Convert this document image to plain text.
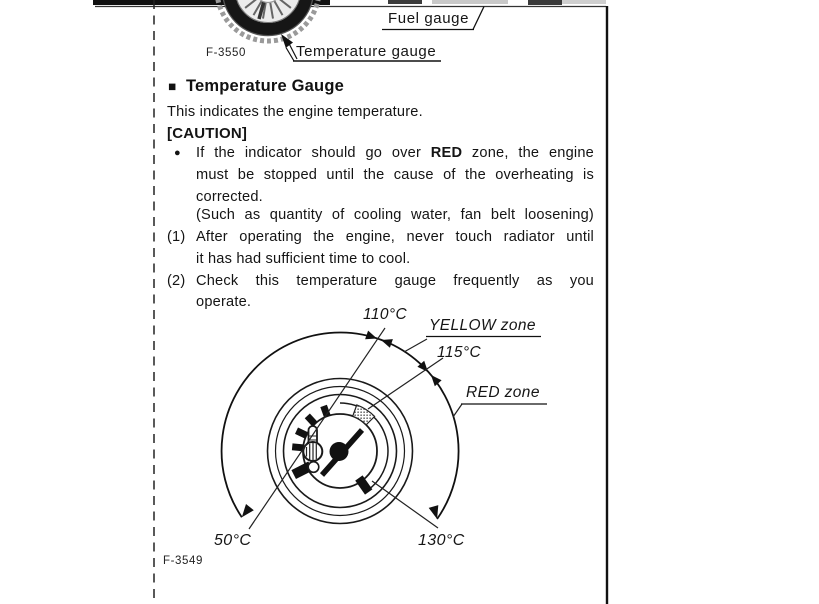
Fuel gauge
F-3550	Temperature gauge
■ Temperature Gauge
This indicates the engine temperature.
[CAUTION]
● If the indicator should go over RED zone, the engine
must be stopped until the cause of the overheating is
corrected.
(Such as quantity of cooling water, fan belt loosening)
(1) After operating the engine, never touch radiator until
it has had sufficient time to cool.
(2) Check this temperature gauge frequently as you
operate.
110°C
YELLOW zone
115°C
RED zone
50°C	130°C
F-3549
